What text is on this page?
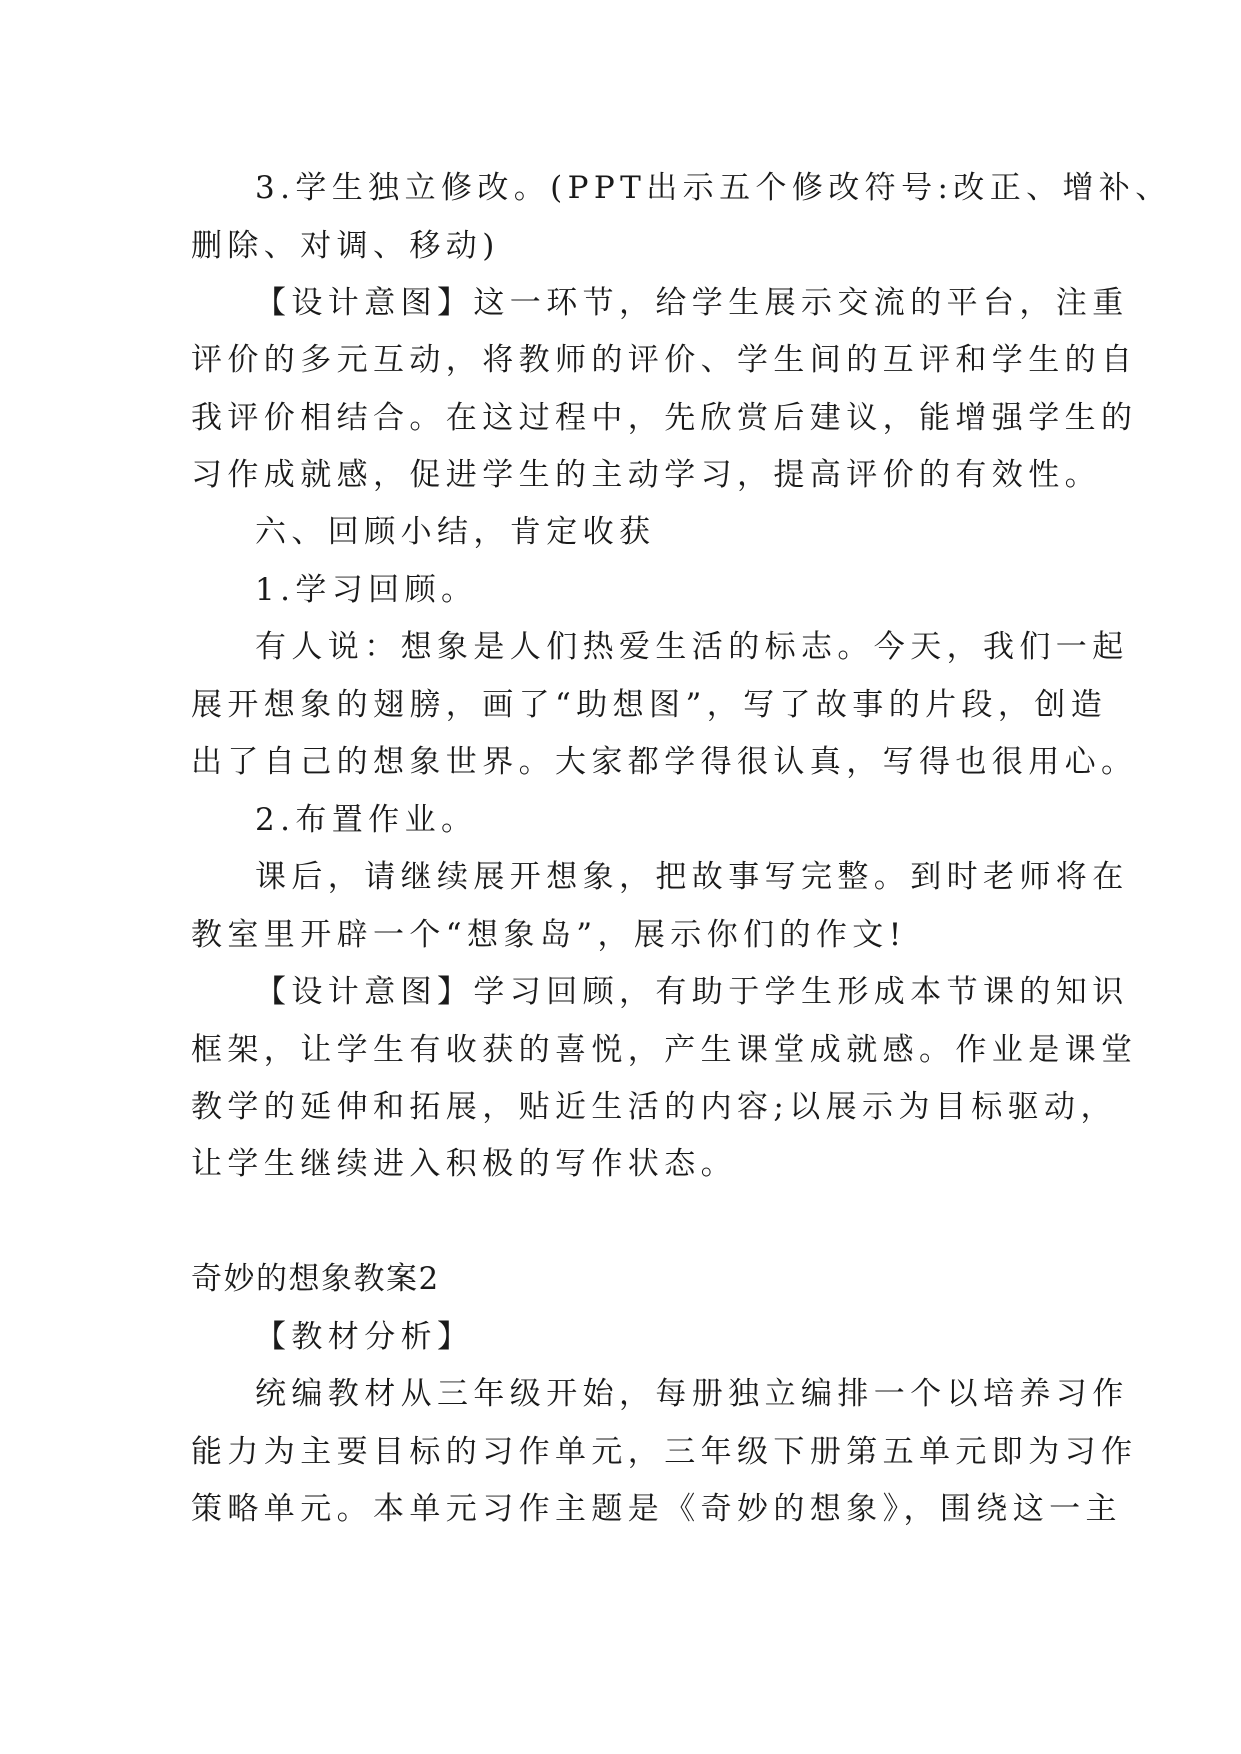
3.学生独立修改。(PPT出示五个修改符号:改正、增补、
删除、对调、移动)
【设计意图】这一环节，给学生展示交流的平台，注重
评价的多元互动，将教师的评价、学生间的互评和学生的自
我评价相结合。在这过程中，先欣赏后建议，能增强学生的
习作成就感，促进学生的主动学习，提高评价的有效性。
六、回顾小结，肯定收获
1.学习回顾。
有人说：想象是人们热爱生活的标志。今天，我们一起
展开想象的翅膀，画了“助想图”，写了故事的片段，创造
出了自己的想象世界。大家都学得很认真，写得也很用心。
2.布置作业。
课后，请继续展开想象，把故事写完整。到时老师将在
教室里开辟一个“想象岛”，展示你们的作文!
【设计意图】学习回顾，有助于学生形成本节课的知识
框架，让学生有收获的喜悦，产生课堂成就感。作业是课堂
教学的延伸和拓展，贴近生活的内容;以展示为目标驱动，
让学生继续进入积极的写作状态。
奇妙的想象教案2
【教材分析】
统编教材从三年级开始，每册独立编排一个以培养习作
能力为主要目标的习作单元，三年级下册第五单元即为习作
策略单元。本单元习作主题是《奇妙的想象》，围绕这一主
